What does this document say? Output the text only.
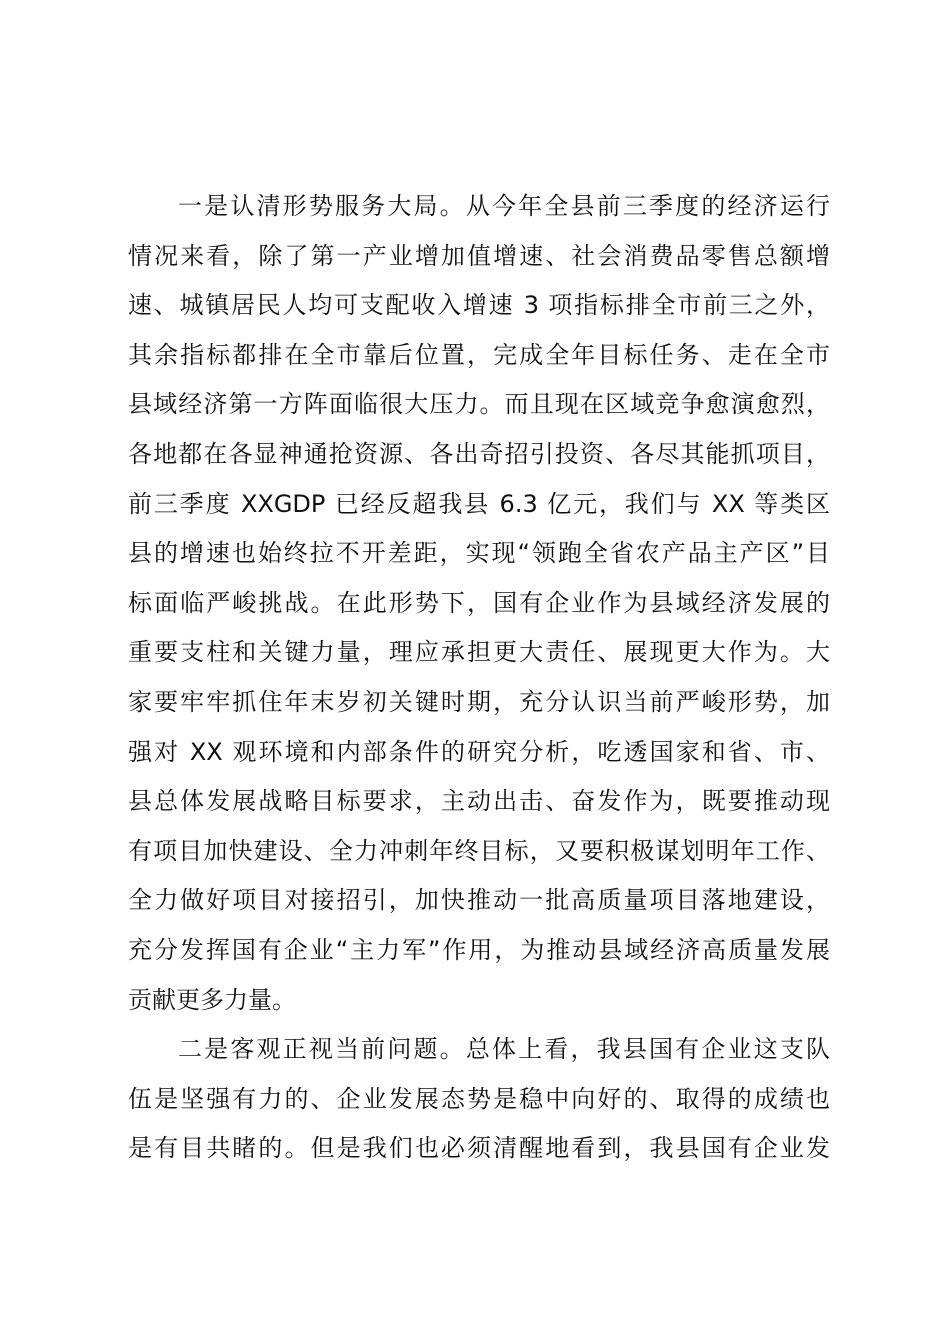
一是认清形势服务大局。从今年全县前三季度的经济运行
情况来看，除了第一产业增加值增速、社会消费品零售总额增
速、城镇居民人均可支配收入增速 3 项指标排全市前三之外，
其余指标都排在全市靠后位置，完成全年目标任务、走在全市
县域经济第一方阵面临很大压力。而且现在区域竞争愈演愈烈，
各地都在各显神通抢资源、各出奇招引投资、各尽其能抓项目，
前三季度 XXGDP 已经反超我县 6.3 亿元，我们与 XX 等类区
县的增速也始终拉不开差距，实现“领跑全省农产品主产区”目
标面临严峻挑战。在此形势下，国有企业作为县域经济发展的
重要支柱和关键力量，理应承担更大责任、展现更大作为。大
家要牢牢抓住年末岁初关键时期，充分认识当前严峻形势，加
强对 XX 观环境和内部条件的研究分析，吃透国家和省、市、
县总体发展战略目标要求，主动出击、奋发作为，既要推动现
有项目加快建设、全力冲刺年终目标，又要积极谋划明年工作、
全力做好项目对接招引，加快推动一批高质量项目落地建设，
充分发挥国有企业“主力军”作用，为推动县域经济高质量发展
贡献更多力量。
二是客观正视当前问题。总体上看，我县国有企业这支队
伍是坚强有力的、企业发展态势是稳中向好的、取得的成绩也
是有目共睹的。但是我们也必须清醒地看到，我县国有企业发
